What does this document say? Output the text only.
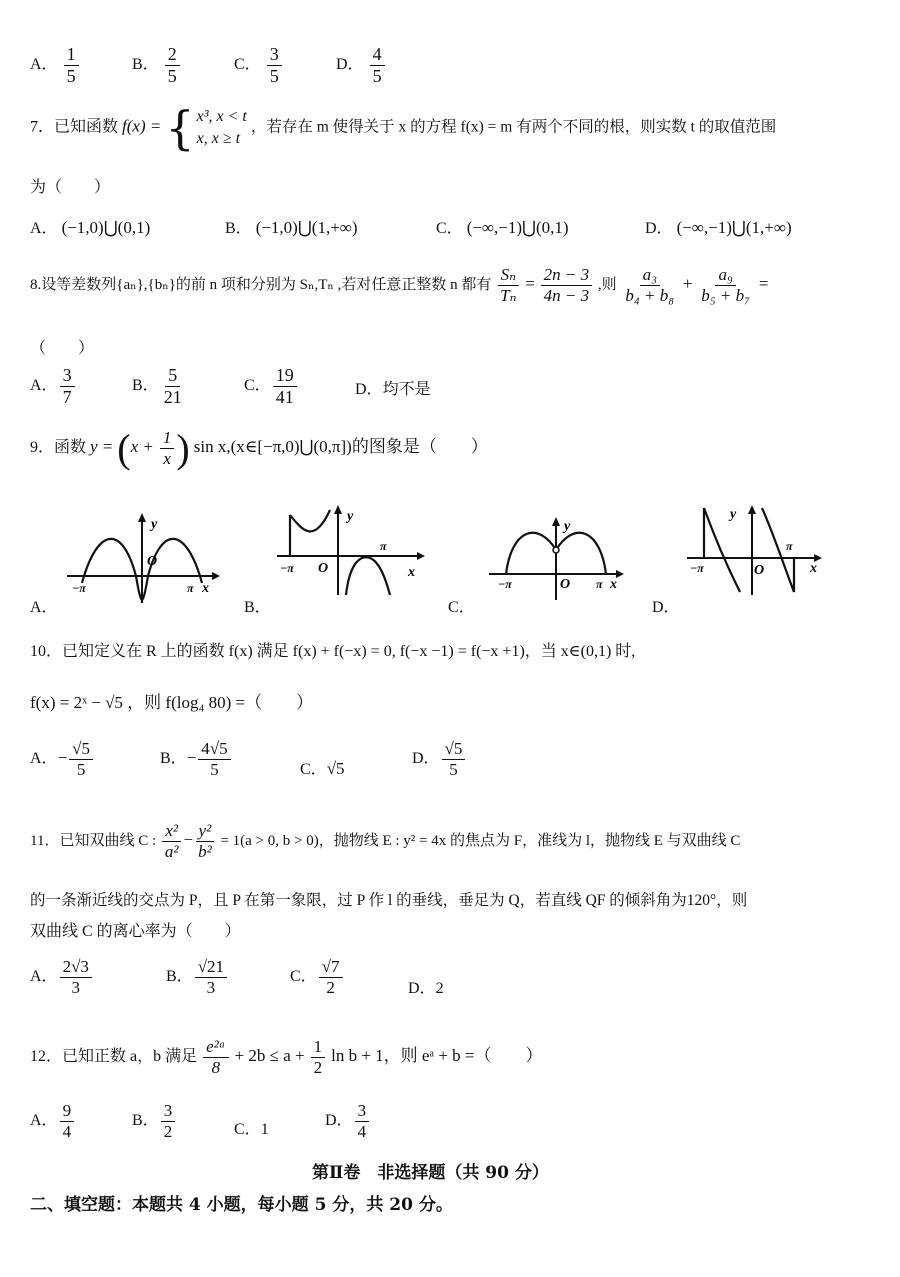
A． $\frac{1}{5}$	B． $\frac{2}{5}$	C． $\frac{3}{5}$	D． $\frac{4}{5}$
7．已知函数 f(x) = { x³, x < t
x, x ≥ t
，若存在 m 使得关于 x 的方程 f(x) = m 有两个不同的根，则实数 t 的取值范围
为（　　）
A． (−1,0)⋃(0,1)	B． (−1,0)⋃(1,+∞)	C． (−∞,−1)⋃(0,1)	D． (−∞,−1)⋃(1,+∞)
8.设等差数列{aₙ},{bₙ}的前 n 项和分别为 Sₙ,Tₙ ,若对任意正整数 n 都有 $\frac{\text{Sₙ}}{\text{Tₙ}} = \frac{2n - 3}{4n - 3}$ ,则 $\frac{\text{a₃}}{\text{b₄ + b₈}} + \frac{\text{a₉}}{\text{b₅ + b₇}}$ =
（　　）
A． $\frac{3}{7}$	B． $\frac{5}{21}$	C． $\frac{19}{41}$	D．均不是
9．函数 $y = (x + \frac{1}{x}$ ) sin x,(x∈[−π,0)⋃(0,π])的图象是（　　）
A．	B．	C．	D．
y
O
−π	π x
y
O
−π
π
x
y
O
−π	π x
y
O
−π
π
x
10．已知定义在 R 上的函数 f(x) 满足 f(x) + f(−x) = 0, f(−x −1) = f(−x +1)，当 x∈(0,1) 时,
f(x) = 2ˣ − √5 ，则 f(log₄ 80) =（　　）
A．− $\frac{√5}{5}$	B．− $\frac{4√5}{5}$	C．√5
D． $\frac{√5}{5}$
11．已知双曲线 C : $\frac{\text{x²}}{\text{a²}} - \frac{\text{y²}}{\text{b²}} = 1(a > 0$, b > 0)，抛物线 E : y² = 4x 的焦点为 F，准线为 l，抛物线 E 与双曲线 C
的一条渐近线的交点为 P，且 P 在第一象限，过 P 作 l 的垂线，垂足为 Q，若直线 QF 的倾斜角为120°，则
双曲线 C 的离心率为（　　）
A． $\frac{2√3}{3}$	B． $\frac{√21}{3}$	C． $\frac{√7}{2}$	D．2
12．已知正数 a，b 满足 $\frac{\text{e²ᵃ}}{8} + 2b \le a + \frac{1}{2}$ ln b + 1，则 eᵃ + b =（　　）
A． $\frac{9}{4}$	B． $\frac{3}{2}$	C．1
D． $\frac{3}{4}$
第Ⅱ卷　非选择题（共 90 分）
二、填空题：本题共 4 小题，每小题 5 分，共 20 分。
